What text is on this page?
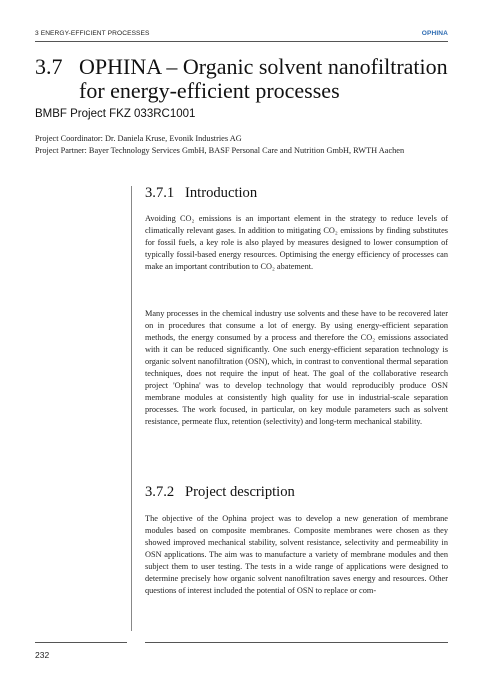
3 ENERGY-EFFICIENT PROCESSES	OPHINA
3.7 OPHINA – Organic solvent nanofiltration for energy-efficient processes
BMBF Project FKZ 033RC1001
Project Coordinator: Dr. Daniela Kruse, Evonik Industries AG
Project Partner: Bayer Technology Services GmbH, BASF Personal Care and Nutrition GmbH, RWTH Aachen
3.7.1 Introduction

Avoiding CO₂ emissions is an important element in the strategy to reduce levels of climatically relevant gases. In addition to mitigating CO₂ emissions by finding substitutes for fossil fuels, a key role is also played by measures designed to lower consumption of typically fossil-based energy resources. Optimising the energy efficiency of processes can make an important contribution to CO₂ abatement.

Many processes in the chemical industry use solvents and these have to be recovered later on in procedures that consume a lot of energy. By using energy-efficient separation methods, the energy consumed by a process and therefore the CO₂ emissions associated with it can be reduced significantly. One such energy-efficient separation technology is organic solvent nanofiltration (OSN), which, in contrast to conventional thermal separation techniques, does not require the input of heat. The goal of the collaborative research project 'Ophina' was to develop technology that would reproducibly produce OSN membrane modules at consistently high quality for use in industrial-scale separation processes. The work focused, in particular, on key module parameters such as solvent resistance, permeate flux, retention (selectivity) and long-term mechanical stability.

3.7.2 Project description

The objective of the Ophina project was to develop a new generation of membrane modules based on composite membranes. Composite membranes were chosen as they showed improved mechanical stability, solvent resistance, selectivity and permeability in OSN applications. The aim was to manufacture a variety of membrane modules and then subject them to user testing. The tests in a wide range of applications were designed to determine precisely how organic solvent nanofiltration saves energy and resources. Other questions of interest included the potential of OSN to replace or com-

232
